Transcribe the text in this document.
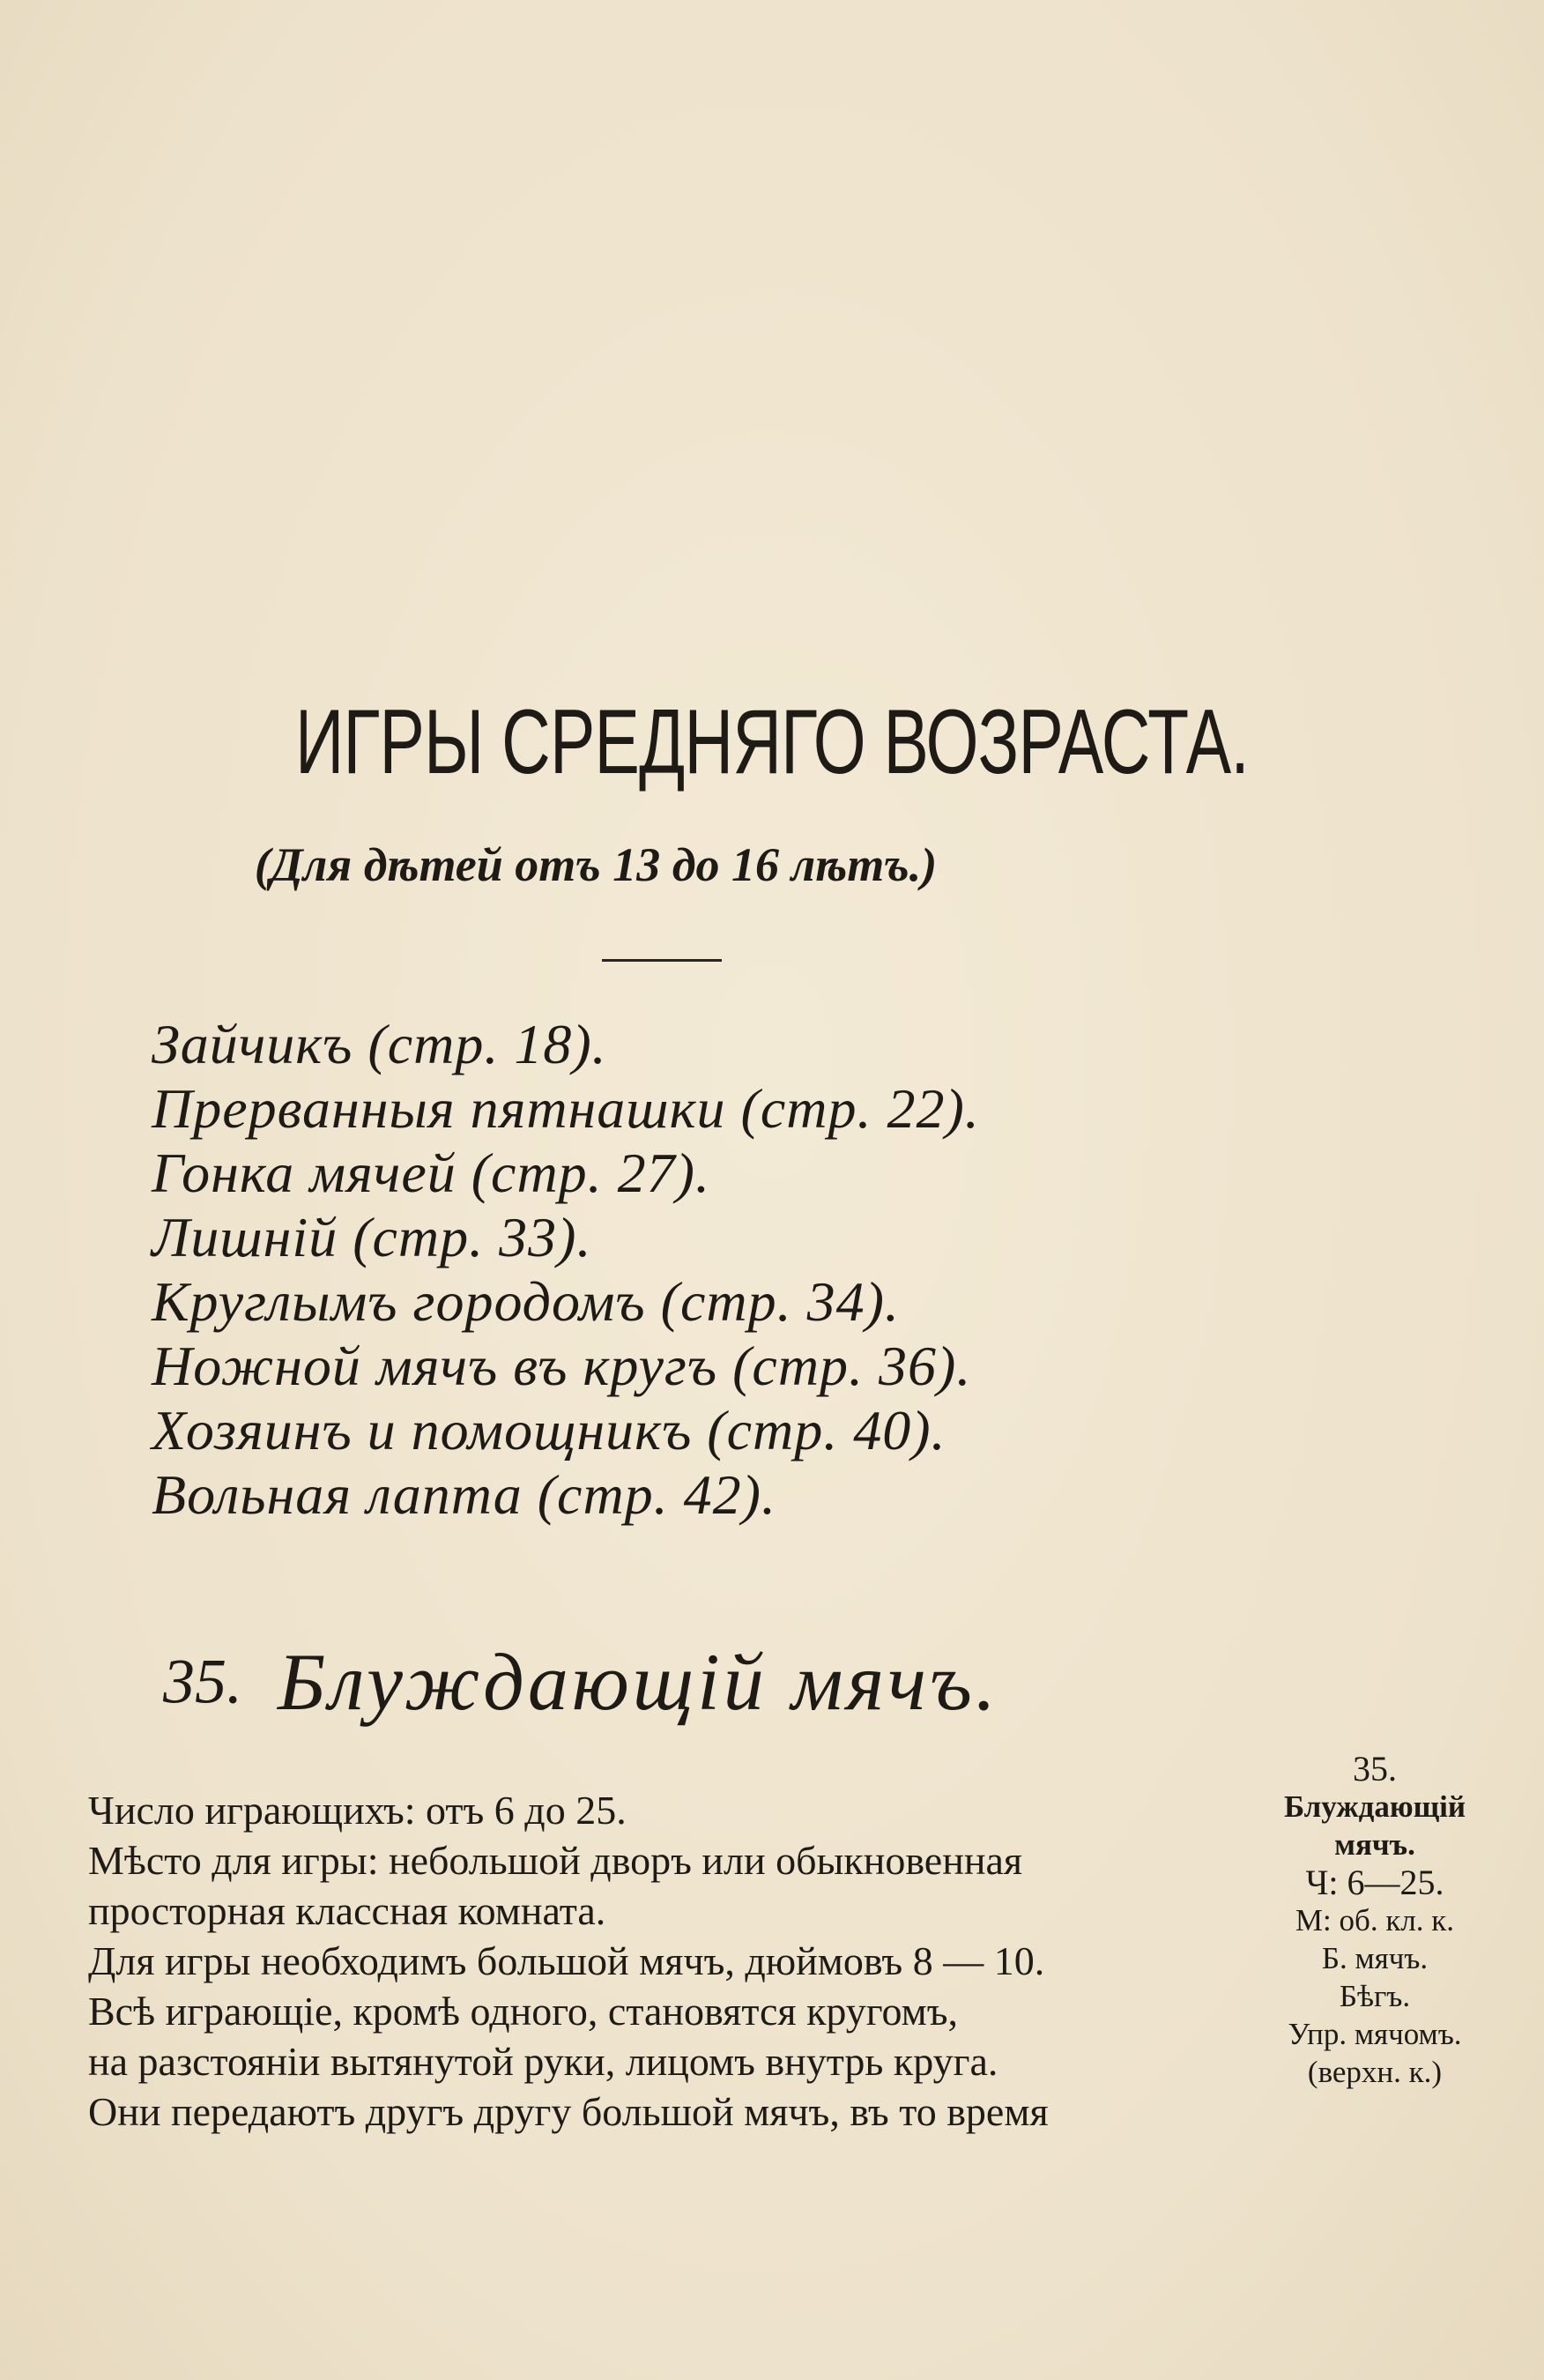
ИГРЫ СРЕДНЯГО ВОЗРАСТА.
(Для дѣтей отъ 13 до 16 лѣтъ.)
Зайчикъ (стр. 18).
Прерванныя пятнашки (стр. 22).
Гонка мячей (стр. 27).
Лишній (стр. 33).
Круглымъ городомъ (стр. 34).
Ножной мячъ въ кругъ (стр. 36).
Хозяинъ и помощникъ (стр. 40).
Вольная лапта (стр. 42).
35. Блуждающій мячъ.
Число играющихъ: отъ 6 до 25.
Мѣсто для игры: небольшой дворъ или обыкновенная
просторная классная комната.
Для игры необходимъ большой мячъ, дюймовъ 8 — 10.
Всѣ играющіе, кромѣ одного, становятся кругомъ,
на разстояніи вытянутой руки, лицомъ внутрь круга.
Они передаютъ другъ другу большой мячъ, въ то время
35.
Блуждающій
мячъ.
Ч: 6—25.
М: об. кл. к.
Б. мячъ.
Бѣгъ.
Упр. мячомъ.
(верхн. к.)
